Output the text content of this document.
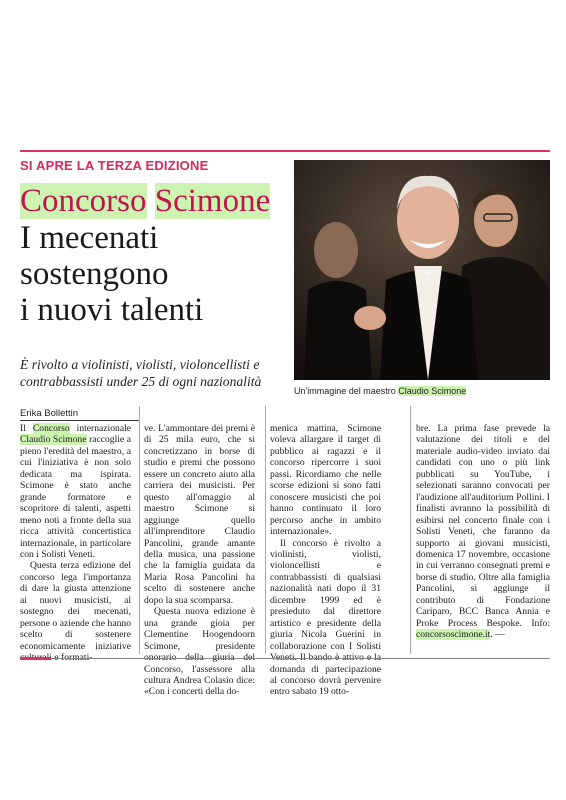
SI APRE LA TERZA EDIZIONE
Concorso Scimone
I mecenati
sostengono
i nuovi talenti
È rivolto a violinisti, violisti, violoncellisti e contrabbassisti under 25 di ogni nazionalità
Un'immagine del maestro Claudio Scimone
Erika Bollettin

Il Concorso internazionale Claudio Scimone raccoglie a pieno l'eredità del maestro, a cui l'iniziativa è non solo dedicata ma ispirata. Scimone è stato anche grande formatore e scopritore di talenti, aspetti meno noti a fronte della sua ricca attività concertistica internazionale, in particolare con i Solisti Veneti.

Questa terza edizione del concorso lega l'importanza di dare la giusta attenzione ai nuovi musicisti, al sostegno dei mecenati, persone o aziende che hanno scelto di sostenere economicamente iniziative

ve. L'ammontare dei premi è di 25 mila euro, che si concretizzano in borse di studio e premi che possono essere un concreto aiuto alla carriera dei musicisti. Per questo all'omaggio al maestro Scimone si aggiunge quello all'imprenditore Claudio Pancolini, grande amante della musica, una passione che la famiglia guidata da Maria Rosa Pancolini ha scelto di sostenere anche dopo la sua scomparsa.

Questa nuova edizione è una grande gioia per Clementine Hoogendoorn Scimone, presidente Concorso, l'assessore alla cultura Andrea Colasio dice: «Con i concerti della do-

menica mattina, Scimone voleva allargare il target di pubblico ai ragazzi e il concorso ripercorre i suoi passi. Ricordiamo che nelle scorse edizioni si sono fatti conoscere musicisti che poi hanno continuato il loro percorso anche in ambito internazionale».

Il concorso è rivolto a violinisti, violisti, violoncellisti e contrabbassisti di qualsiasi nazionalità nati dopo il 31 dicembre 1999 ed è presieduto dal direttore artistico e presidente della giuria Nicola Guerini in collaborazione con I Solisti domanda di partecipazione al concorso dovrà pervenire entro sabato 19 otto-

bre. La prima fase prevede la valutazione dei titoli e del materiale audio-video inviato dai candidati con uno o più link pubblicati su YouTube, i selezionati saranno convocati per l'audizione all'auditorium Pollini. I finalisti avranno la possibilità di esibirsi nel concerto finale con i Solisti Veneti, che faranno da supporto ai giovani musicisti, domenica 17 novembre, occasione in cui verranno consegnati premi e borse di studio. Oltre alla famiglia Pancolini, si aggiunge il contributo di Fondazione Cariparo, BCC Banca Annia e Proke Process Bespoke. Info: concorsoscimone.it. —
